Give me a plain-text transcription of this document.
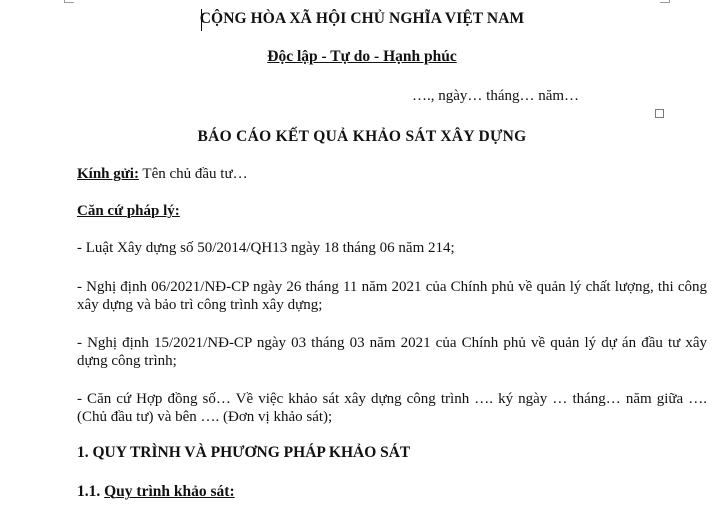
CỘNG HÒA XÃ HỘI CHỦ NGHĨA VIỆT NAM
Độc lập - Tự do - Hạnh phúc
…., ngày… tháng… năm…
BÁO CÁO KẾT QUẢ KHẢO SÁT XÂY DỰNG
Kính gửi: Tên chủ đầu tư…
Căn cứ pháp lý:
- Luật Xây dựng số 50/2014/QH13 ngày 18 tháng 06 năm 214;
- Nghị định 06/2021/NĐ-CP ngày 26 tháng 11 năm 2021 của Chính phủ về quản lý chất lượng, thi công xây dựng và bảo trì công trình xây dựng;
- Nghị định 15/2021/NĐ-CP ngày 03 tháng 03 năm 2021 của Chính phủ về quản lý dự án đầu tư xây dựng công trình;
- Căn cứ Hợp đồng số… Về việc khảo sát xây dựng công trình …. ký ngày … tháng… năm giữa …. (Chủ đầu tư) và bên …. (Đơn vị khảo sát);
1. QUY TRÌNH VÀ PHƯƠNG PHÁP KHẢO SÁT
1.1. Quy trình khảo sát:
